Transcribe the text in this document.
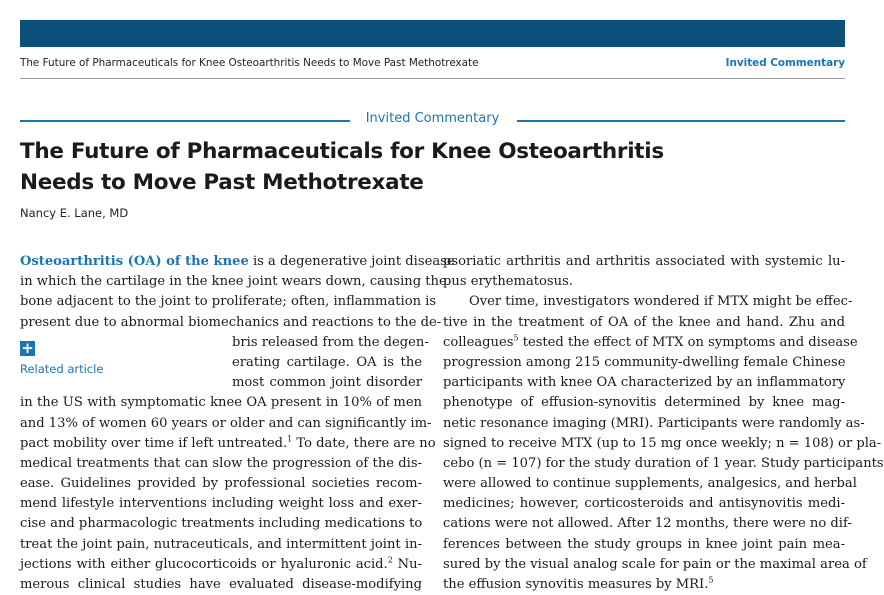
The Future of Pharmaceuticals for Knee Osteoarthritis Needs to Move Past Methotrexate	Invited Commentary
Invited Commentary
The Future of Pharmaceuticals for Knee Osteoarthritis
Needs to Move Past Methotrexate
Nancy E. Lane, MD
Osteoarthritis (OA) of the knee is a degenerative joint disease
in which the cartilage in the knee joint wears down, causing the
bone adjacent to the joint to proliferate; often, inflammation is
present due to abnormal biomechanics and reactions to the de-
bris released from the degen-
erating cartilage. OA is the
most common joint disorder
in the US with symptomatic knee OA present in 10% of men
and 13% of women 60 years or older and can significantly im-
pact mobility over time if left untreated.$^1$ To date, there are no
medical treatments that can slow the progression of the dis-
ease. Guidelines provided by professional societies recom-
mend lifestyle interventions including weight loss and exer-
cise and pharmacologic treatments including medications to
treat the joint pain, nutraceuticals, and intermittent joint in-
jections with either glucocorticoids or hyaluronic acid.$^2$ Nu-
merous clinical studies have evaluated disease-modifying
+
Related article
psoriatic arthritis and arthritis associated with systemic lu-
pus erythematosus.
Over time, investigators wondered if MTX might be effec-
tive in the treatment of OA of the knee and hand. Zhu and
colleagues$^5$ tested the effect of MTX on symptoms and disease
progression among 215 community-dwelling female Chinese
participants with knee OA characterized by an inflammatory
phenotype of effusion-synovitis determined by knee mag-
netic resonance imaging (MRI). Participants were randomly as-
signed to receive MTX (up to 15 mg once weekly; n = 108) or pla-
cebo (n = 107) for the study duration of 1 year. Study participants
were allowed to continue supplements, analgesics, and herbal
medicines; however, corticosteroids and antisynovitis medi-
cations were not allowed. After 12 months, there were no dif-
ferences between the study groups in knee joint pain mea-
sured by the visual analog scale for pain or the maximal area of
the effusion synovitis measures by MRI.$^5$
